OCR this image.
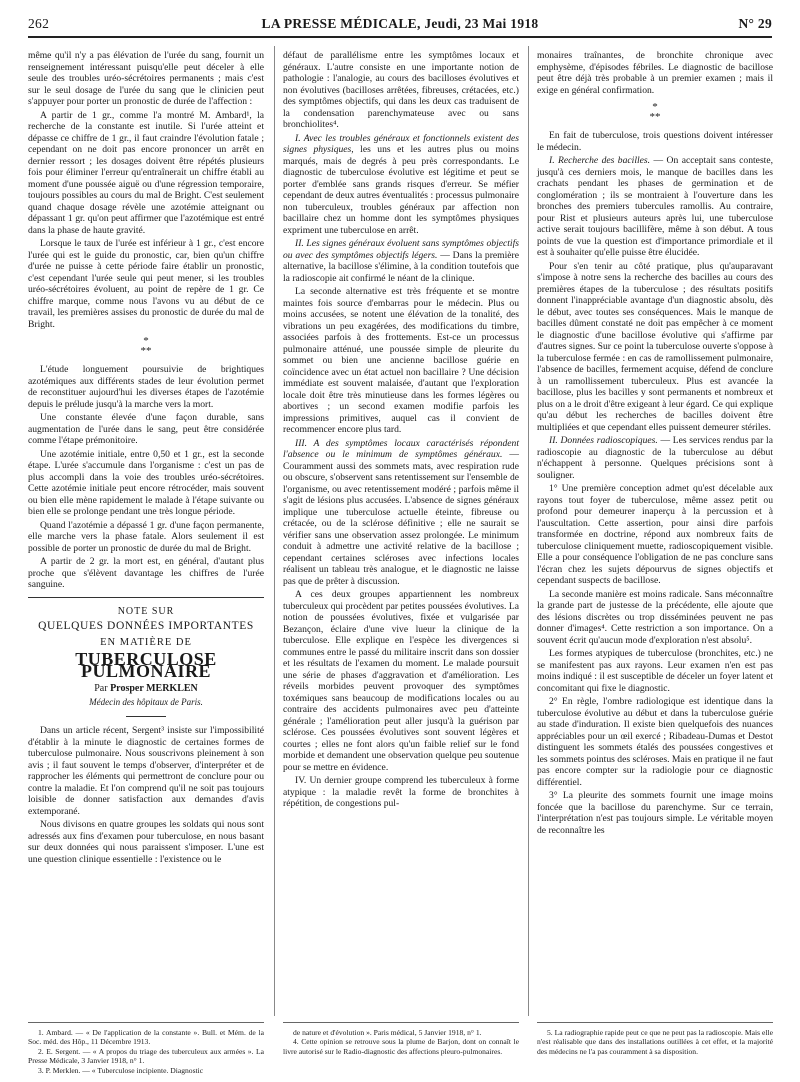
262	LA PRESSE MÉDICALE, Jeudi, 23 Mai 1918	N° 29

même qu'il n'y a pas élévation de l'urée du sang, fournit un renseignement intéressant puisqu'elle peut déceler à elle seule des troubles uréo-sécrétoires permanents ; mais c'est sur le seul dosage de l'urée du sang que le clinicien peut s'appuyer pour porter un pronostic de durée de l'affection :

A partir de 1 gr., comme l'a montré M. Ambard¹, la recherche de la constante est inutile. Si l'urée atteint et dépasse ce chiffre de 1 gr., il faut craindre l'évolution fatale ; cependant on ne doit pas encore prononcer un arrêt en dernier ressort ; les dosages doivent être répétés plusieurs fois pour éliminer l'erreur qu'entraînerait un chiffre établi au moment d'une poussée aiguë ou d'une régression temporaire, toujours possibles au cours du mal de Bright. C'est seulement quand chaque dosage révèle une azotémie atteignant ou dépassant 1 gr. qu'on peut affirmer que l'azotémique est entré dans la phase de haute gravité.

Lorsque le taux de l'urée est inférieur à 1 gr., c'est encore l'urée qui est le guide du pronostic, car, bien qu'un chiffre d'urée ne puisse à cette période faire établir un pronostic, c'est cependant l'urée seule qui peut mener, si les troubles uréo-sécrétoires évoluent, au point de repère de 1 gr. Ce chiffre marque, comme nous l'avons vu au début de ce travail, les premières assises du pronostic de durée du mal de Bright.

*
**

L'étude longuement poursuivie de brightiques azotémiques aux différents stades de leur évolution permet de reconstituer aujourd'hui les diverses étapes de l'azotémie depuis le prélude jusqu'à la marche vers la mort.

Une constante élevée d'une façon durable, sans augmentation de l'urée dans le sang, peut être considérée comme l'étape prémonitoire.

Une azotémie initiale, entre 0,50 et 1 gr., est la seconde étape. L'urée s'accumule dans l'organisme : c'est un pas de plus accompli dans la voie des troubles uréo-sécrétoires. Cette azotémie initiale peut encore rétrocéder, mais souvent ou bien elle mène rapidement le malade à l'étape suivante ou bien elle se prolonge pendant une très longue période.

Quand l'azotémie a dépassé 1 gr. d'une façon permanente, elle marche vers la phase fatale. Alors seulement il est possible de porter un pronostic de durée du mal de Bright.

A partir de 2 gr. la mort est, en général, d'autant plus proche que s'élèvent davantage les chiffres de l'urée sanguine.

NOTE SUR
QUELQUES DONNÉES IMPORTANTES
EN MATIÈRE DE
TUBERCULOSE PULMONAIRE
Par Prosper MERKLEN
Médecin des hôpitaux de Paris.

Dans un article récent, Sergent³ insiste sur l'impossibilité d'établir à la minute le diagnostic de certaines formes de tuberculose pulmonaire. Nous souscrivons pleinement à son avis ; il faut souvent le temps d'observer, d'interpréter et de rapprocher les éléments qui permettront de conclure pour ou contre la maladie. Et l'on comprend qu'il ne soit pas toujours loisible de donner satisfaction aux demandes d'avis extemporané.

Nous divisons en quatre groupes les soldats qui nous sont adressés aux fins d'examen pour tuberculose, en nous basant sur deux données qui nous paraissent s'imposer. L'une est une question clinique essentielle : l'existence ou le

défaut de parallélisme entre les symptômes locaux et généraux. L'autre consiste en une importante notion de pathologie : l'analogie, au cours des bacilloses évolutives et non évolutives (bacilloses arrêtées, fibreuses, crétacées, etc.) des symptômes objectifs, qui dans les deux cas traduisent de la condensation parenchymateuse avec ou sans bronchiolites⁴.

I. Avec les troubles généraux et fonctionnels existent des signes physiques, les uns et les autres plus ou moins marqués, mais de degrés à peu près correspondants. Le diagnostic de tuberculose évolutive est légitime et peut se porter d'emblée sans grands risques d'erreur. Se méfier cependant de deux autres éventualités : processus pulmonaire non tuberculeux, troubles généraux par affection non bacillaire chez un homme dont les symptômes physiques expriment une tuberculose en arrêt.

II. Les signes généraux évoluent sans symptômes objectifs ou avec des symptômes objectifs légers. — Dans la première alternative, la bacillose s'élimine, à la condition toutefois que la radioscopie ait confirmé le néant de la clinique.

La seconde alternative est très fréquente et se montre maintes fois source d'embarras pour le médecin. Plus ou moins accusées, se notent une élévation de la tonalité, des vibrations un peu exagérées, des modifications du timbre, associées parfois à des frottements. Est-ce un processus pulmonaire atténué, une poussée simple de pleurite du sommet ou bien une ancienne bacillose guérie en coïncidence avec un état actuel non bacillaire ? Une décision immédiate est souvent malaisée, d'autant que l'exploration locale doit être très minutieuse dans les formes légères ou abortives ; un second examen modifie parfois les impressions primitives, auquel cas il convient de recommencer encore plus tard.

III. A des symptômes locaux caractérisés répondent l'absence ou le minimum de symptômes généraux. — Couramment aussi des sommets mats, avec respiration rude ou obscure, s'observent sans retentissement sur l'ensemble de l'organisme, ou avec retentissement modéré ; parfois même il s'agit de lésions plus accusées. L'absence de signes généraux implique une tuberculose actuelle éteinte, fibreuse ou crétacée, ou de la sclérose définitive ; elle ne saurait se vérifier sans une observation assez prolongée. Le minimum conduit à admettre une activité relative de la bacillose ; cependant certaines scléroses avec infections locales réalisent un tableau très analogue, et le diagnostic ne laisse pas que de prêter à discussion.

A ces deux groupes appartiennent les nombreux tuberculeux qui procèdent par petites poussées évolutives. La notion de poussées évolutives, fixée et vulgarisée par Bezançon, éclaire d'une vive lueur la clinique de la tuberculose. Elle explique en l'espèce les divergences si communes entre le passé du militaire inscrit dans son dossier et les résultats de l'examen du moment. Le malade poursuit une série de phases d'aggravation et d'amélioration. Les réveils morbides peuvent provoquer des symptômes toxémiques sans beaucoup de modifications locales ou au contraire des accidents pulmonaires avec peu d'atteinte générale ; l'amélioration peut aller jusqu'à la guérison par sclérose. Ces poussées évolutives sont souvent légères et courtes ; elles ne font alors qu'un faible relief sur le fond morbide et demandent une observation quelque peu soutenue pour se mettre en évidence.

IV. Un dernier groupe comprend les tuberculeux à forme atypique : la maladie revêt la forme de bronchites à répétition, de congestions pul-

monaires traînantes, de bronchite chronique avec emphysème, d'épisodes fébriles. Le diagnostic de bacillose peut être déjà très probable à un premier examen ; mais il exige en général confirmation.

*
**

En fait de tuberculose, trois questions doivent intéresser le médecin.

I. Recherche des bacilles. — On acceptait sans conteste, jusqu'à ces derniers mois, le manque de bacilles dans les crachats pendant les phases de germination et de conglomération ; ils se montraient à l'ouverture dans les bronches des premiers tubercules ramollis. Au contraire, pour Rist et plusieurs auteurs après lui, une tuberculose active serait toujours bacillifère, même à son début. A tous points de vue la question est d'importance primordiale et il est à souhaiter qu'elle puisse être élucidée.

Pour s'en tenir au côté pratique, plus qu'auparavant s'impose à notre sens la recherche des bacilles au cours des premières étapes de la tuberculose ; des résultats positifs donnent l'inappréciable avantage d'un diagnostic absolu, dès le début, avec toutes ses conséquences. Mais le manque de bacilles dûment constaté ne doit pas empêcher à ce moment le diagnostic d'une bacillose évolutive qui s'affirme par d'autres signes. Sur ce point la tuberculose ouverte s'oppose à la tuberculose fermée : en cas de ramollissement pulmonaire, l'absence de bacilles, fermement acquise, défend de conclure à un ramollissement tuberculeux. Plus est avancée la bacillose, plus les bacilles y sont permanents et nombreux et plus on a le droit d'être exigeant à leur égard. Ce qui explique qu'au début les recherches de bacilles doivent être multipliées et que cependant elles puissent demeurer stériles.

II. Données radioscopiques. — Les services rendus par la radioscopie au diagnostic de la tuberculose au début n'échappent à personne. Quelques précisions sont à souligner.

1° Une première conception admet qu'est décelable aux rayons tout foyer de tuberculose, même assez petit ou profond pour demeurer inaperçu à la percussion et à l'auscultation. Cette assertion, pour ainsi dire parfois transformée en doctrine, répond aux nombreux faits de tuberculose cliniquement muette, radioscopiquement visible. Elle a pour conséquence l'obligation de ne pas conclure sans l'écran chez les sujets dépourvus de signes objectifs et cependant suspects de bacillose.

La seconde manière est moins radicale. Sans méconnaître la grande part de justesse de la précédente, elle ajoute que des lésions discrètes ou trop disséminées peuvent ne pas donner d'images⁴. Cette restriction a son importance. On a souvent écrit qu'aucun mode d'exploration n'est absolu⁵.

Les formes atypiques de tuberculose (bronchites, etc.) ne se manifestent pas aux rayons. Leur examen n'en est pas moins indiqué : il est susceptible de déceler un foyer latent et concomitant qui fixe le diagnostic.

2° En règle, l'ombre radiologique est identique dans la tuberculose évolutive au début et dans la tuberculose guérie au stade d'induration. Il existe bien quelquefois des nuances appréciables pour un œil exercé ; Ribadeau-Dumas et Destot distinguent les sommets étalés des poussées congestives et les sommets pointus des scléroses. Mais en pratique il ne faut pas encore compter sur la radiologie pour ce diagnostic différentiel.

3° La pleurite des sommets fournit une image moins foncée que la bacillose du parenchyme. Sur ce terrain, l'interprétation n'est pas toujours simple. Le véritable moyen de reconnaître les

1. Ambard. — « De l'application de la constante ». Bull. et Mém. de la Soc. méd. des Hôp., 11 Décembre 1913.

2. E. Sergent. — « A propos du triage des tuberculeux aux armées ». La Presse Médicale, 3 Janvier 1918, n° 1.

3. P. Merklen. — « Tuberculose incipiente. Diagnostic

de nature et d'évolution ». Paris médical, 5 Janvier 1918, n° 1.

4. Cette opinion se retrouve sous la plume de Barjon, dont on connaît le livre autorisé sur le Radio-diagnostic des affections pleuro-pulmonaires.

5. La radiographie rapide peut ce que ne peut pas la radioscopie. Mais elle n'est réalisable que dans des installations outillées à cet effet, et la majorité des médecins ne l'a pas couramment à sa disposition.
